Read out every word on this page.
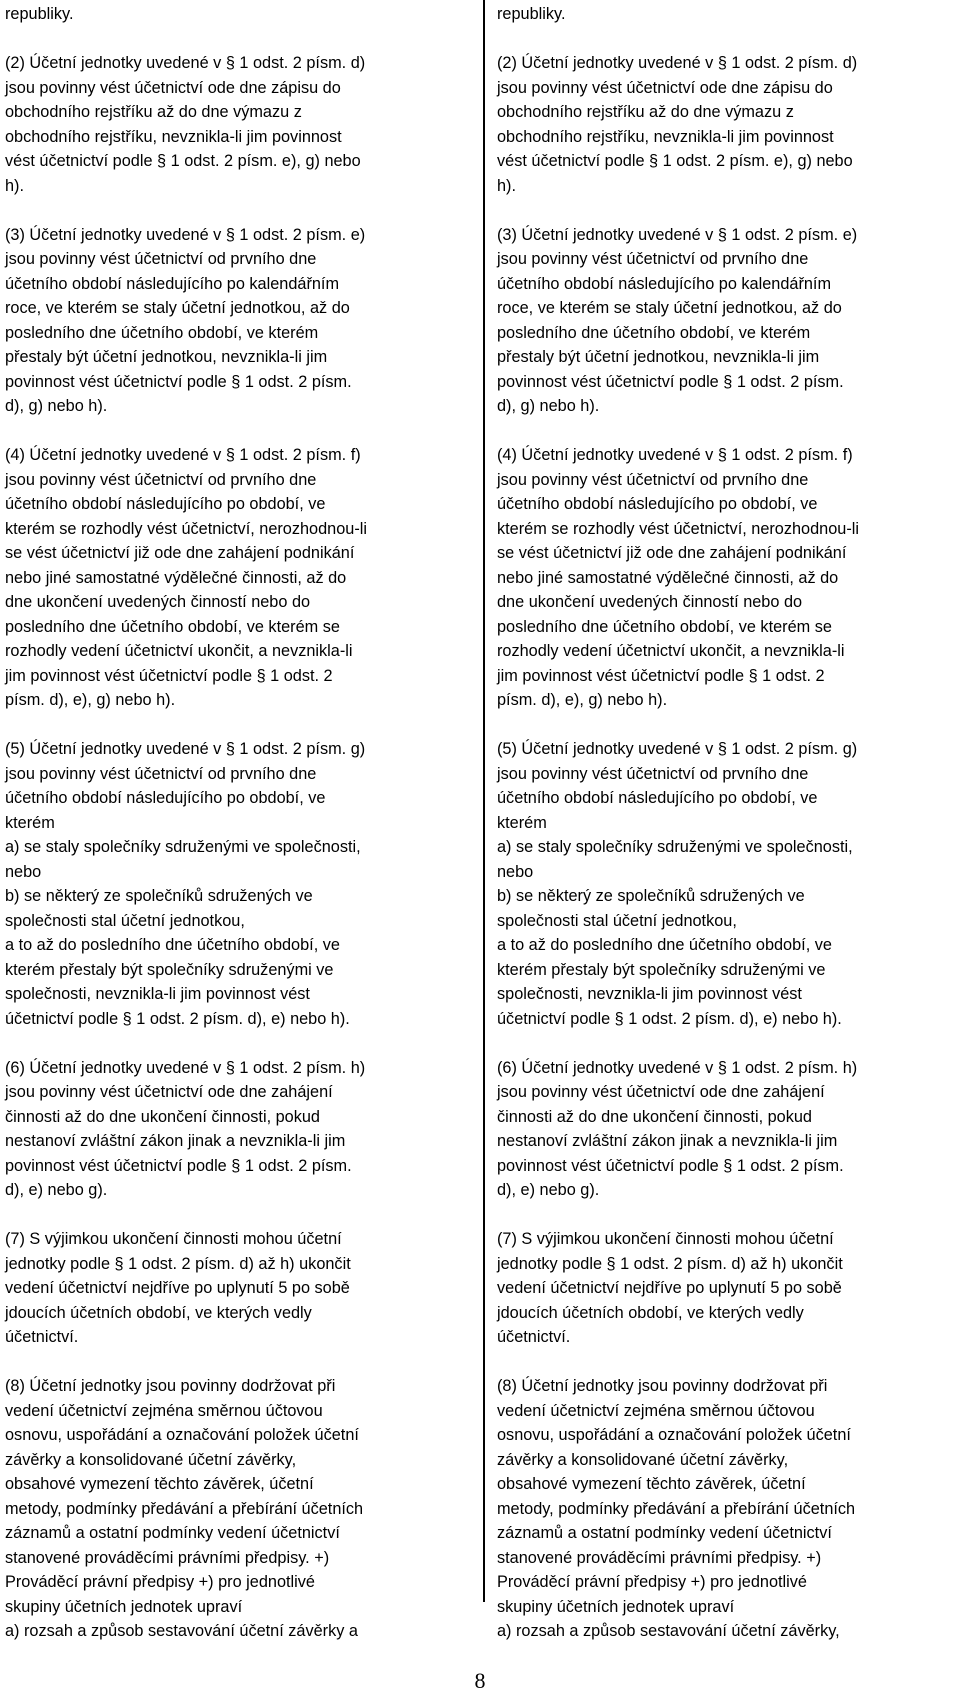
republiky.
(2) Účetní jednotky uvedené v § 1 odst. 2 písm. d)
jsou povinny vést účetnictví ode dne zápisu do
obchodního rejstříku až do dne výmazu z
obchodního rejstříku, nevznikla-li jim povinnost
vést účetnictví podle § 1 odst. 2 písm. e), g) nebo
h).
(3) Účetní jednotky uvedené v § 1 odst. 2 písm. e)
jsou povinny vést účetnictví od prvního dne
účetního období následujícího po kalendářním
roce, ve kterém se staly účetní jednotkou, až do
posledního dne účetního období, ve kterém
přestaly být účetní jednotkou, nevznikla-li jim
povinnost vést účetnictví podle § 1 odst. 2 písm.
d), g) nebo h).
(4) Účetní jednotky uvedené v § 1 odst. 2 písm. f)
jsou povinny vést účetnictví od prvního dne
účetního období následujícího po období, ve
kterém se rozhodly vést účetnictví, nerozhodnou-li
se vést účetnictví již ode dne zahájení podnikání
nebo jiné samostatné výdělečné činnosti, až do
dne ukončení uvedených činností nebo do
posledního dne účetního období, ve kterém se
rozhodly vedení účetnictví ukončit, a nevznikla-li
jim povinnost vést účetnictví podle § 1 odst. 2
písm. d), e), g) nebo h).
(5) Účetní jednotky uvedené v § 1 odst. 2 písm. g)
jsou povinny vést účetnictví od prvního dne
účetního období následujícího po období, ve
kterém
a) se staly společníky sdruženými ve společnosti,
nebo
b) se některý ze společníků sdružených ve
společnosti stal účetní jednotkou,
a to až do posledního dne účetního období, ve
kterém přestaly být společníky sdruženými ve
společnosti, nevznikla-li jim povinnost vést
účetnictví podle § 1 odst. 2 písm. d), e) nebo h).
(6) Účetní jednotky uvedené v § 1 odst. 2 písm. h)
jsou povinny vést účetnictví ode dne zahájení
činnosti až do dne ukončení činnosti, pokud
nestanoví zvláštní zákon jinak a nevznikla-li jim
povinnost vést účetnictví podle § 1 odst. 2 písm.
d), e) nebo g).
(7) S výjimkou ukončení činnosti mohou účetní
jednotky podle § 1 odst. 2 písm. d) až h) ukončit
vedení účetnictví nejdříve po uplynutí 5 po sobě
jdoucích účetních období, ve kterých vedly
účetnictví.
(8) Účetní jednotky jsou povinny dodržovat při
vedení účetnictví zejména směrnou účtovou
osnovu, uspořádání a označování položek účetní
závěrky a konsolidované účetní závěrky,
obsahové vymezení těchto závěrek, účetní
metody, podmínky předávání a přebírání účetních
záznamů a ostatní podmínky vedení účetnictví
stanovené prováděcími právními předpisy. +)
Prováděcí právní předpisy +) pro jednotlivé
skupiny účetních jednotek upraví
a) rozsah a způsob sestavování účetní závěrky a
republiky.
(2) Účetní jednotky uvedené v § 1 odst. 2 písm. d)
jsou povinny vést účetnictví ode dne zápisu do
obchodního rejstříku až do dne výmazu z
obchodního rejstříku, nevznikla-li jim povinnost
vést účetnictví podle § 1 odst. 2 písm. e), g) nebo
h).
(3) Účetní jednotky uvedené v § 1 odst. 2 písm. e)
jsou povinny vést účetnictví od prvního dne
účetního období následujícího po kalendářním
roce, ve kterém se staly účetní jednotkou, až do
posledního dne účetního období, ve kterém
přestaly být účetní jednotkou, nevznikla-li jim
povinnost vést účetnictví podle § 1 odst. 2 písm.
d), g) nebo h).
(4) Účetní jednotky uvedené v § 1 odst. 2 písm. f)
jsou povinny vést účetnictví od prvního dne
účetního období následujícího po období, ve
kterém se rozhodly vést účetnictví, nerozhodnou-li
se vést účetnictví již ode dne zahájení podnikání
nebo jiné samostatné výdělečné činnosti, až do
dne ukončení uvedených činností nebo do
posledního dne účetního období, ve kterém se
rozhodly vedení účetnictví ukončit, a nevznikla-li
jim povinnost vést účetnictví podle § 1 odst. 2
písm. d), e), g) nebo h).
(5) Účetní jednotky uvedené v § 1 odst. 2 písm. g)
jsou povinny vést účetnictví od prvního dne
účetního období následujícího po období, ve
kterém
a) se staly společníky sdruženými ve společnosti,
nebo
b) se některý ze společníků sdružených ve
společnosti stal účetní jednotkou,
a to až do posledního dne účetního období, ve
kterém přestaly být společníky sdruženými ve
společnosti, nevznikla-li jim povinnost vést
účetnictví podle § 1 odst. 2 písm. d), e) nebo h).
(6) Účetní jednotky uvedené v § 1 odst. 2 písm. h)
jsou povinny vést účetnictví ode dne zahájení
činnosti až do dne ukončení činnosti, pokud
nestanoví zvláštní zákon jinak a nevznikla-li jim
povinnost vést účetnictví podle § 1 odst. 2 písm.
d), e) nebo g).
(7) S výjimkou ukončení činnosti mohou účetní
jednotky podle § 1 odst. 2 písm. d) až h) ukončit
vedení účetnictví nejdříve po uplynutí 5 po sobě
jdoucích účetních období, ve kterých vedly
účetnictví.
(8) Účetní jednotky jsou povinny dodržovat při
vedení účetnictví zejména směrnou účtovou
osnovu, uspořádání a označování položek účetní
závěrky a konsolidované účetní závěrky,
obsahové vymezení těchto závěrek, účetní
metody, podmínky předávání a přebírání účetních
záznamů a ostatní podmínky vedení účetnictví
stanovené prováděcími právními předpisy. +)
Prováděcí právní předpisy +) pro jednotlivé
skupiny účetních jednotek upraví
a) rozsah a způsob sestavování účetní závěrky,
8
